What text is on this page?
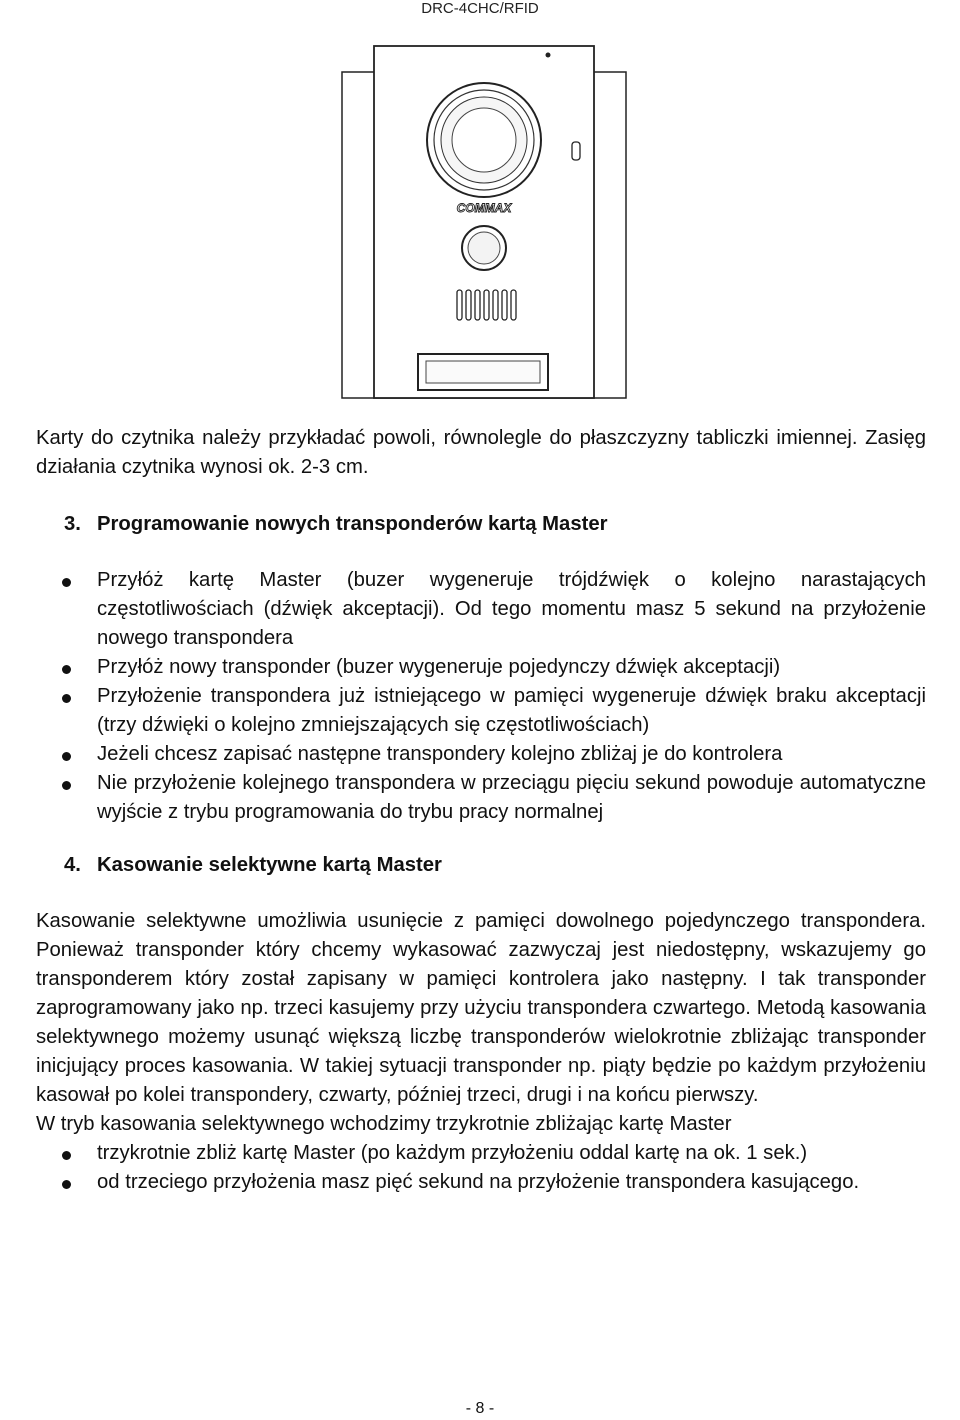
DRC-4CHC/RFID
COMMAX

Karty do czytnika należy przykładać powoli, równolegle do płaszczyzny tabliczki imiennej. Zasięg działania czytnika wynosi ok. 2-3 cm.

3. Programowanie nowych transponderów kartą Master
Przyłóż kartę Master (buzer wygeneruje trójdźwięk o kolejno narastających częstotliwościach (dźwięk akceptacji). Od tego momentu masz 5 sekund na przyłożenie nowego transpondera
Przyłóż nowy transponder (buzer wygeneruje pojedynczy dźwięk akceptacji)
Przyłożenie transpondera już istniejącego w pamięci wygeneruje dźwięk braku akceptacji (trzy dźwięki o kolejno zmniejszających się częstotliwościach)
Jeżeli chcesz zapisać następne transpondery kolejno zbliżaj je do kontrolera
Nie przyłożenie kolejnego transpondera w przeciągu pięciu sekund powoduje automatyczne wyjście z trybu programowania do trybu pracy normalnej
4. Kasowanie selektywne kartą Master

Kasowanie selektywne umożliwia usunięcie z pamięci dowolnego pojedynczego transpondera. Ponieważ transponder który chcemy wykasować zazwyczaj jest niedostępny, wskazujemy go transponderem który został zapisany w pamięci kontrolera jako następny. I tak transponder zaprogramowany jako np. trzeci kasujemy przy użyciu transpondera czwartego. Metodą kasowania selektywnego możemy usunąć większą liczbę transponderów wielokrotnie zbliżając transponder inicjujący proces kasowania. W takiej sytuacji transponder np. piąty będzie po każdym przyłożeniu kasował po kolei transpondery, czwarty, później trzeci, drugi i na końcu pierwszy.

W tryb kasowania selektywnego wchodzimy trzykrotnie zbliżając kartę Master

trzykrotnie zbliż kartę Master (po każdym przyłożeniu oddal kartę na ok. 1 sek.)
od trzeciego przyłożenia masz pięć sekund na przyłożenie transpondera kasującego.
- 8 -
